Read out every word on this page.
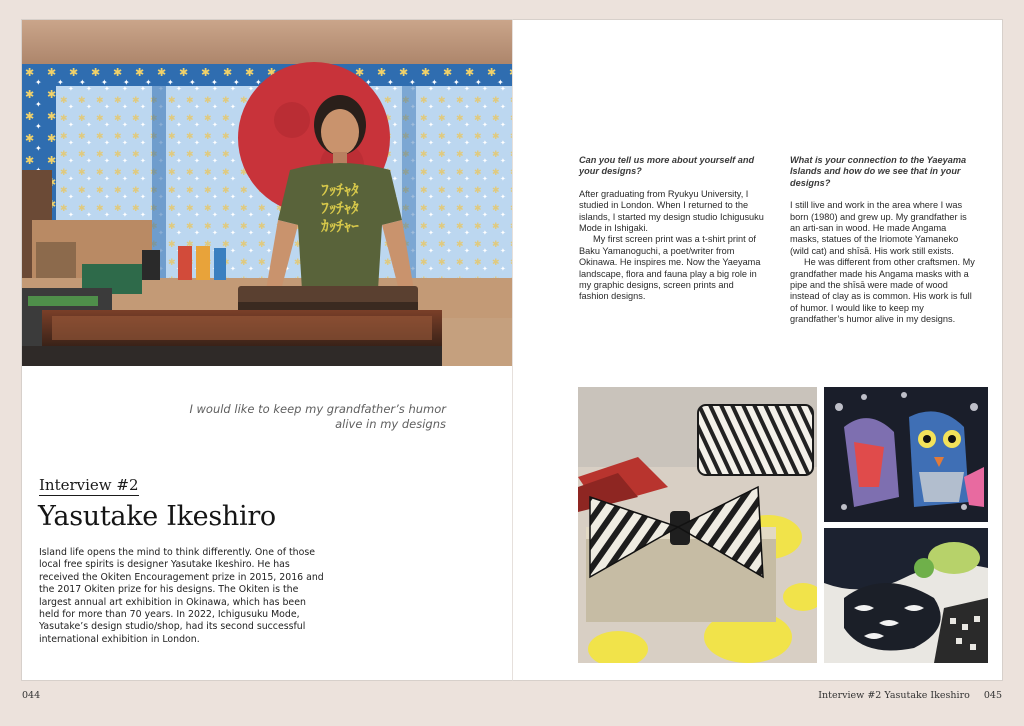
ﾌｯﾁｬﾀ
ﾌｯﾁｬﾀ
ｶｯﾁｬｰ
I would like to keep my grandfather’s humor alive in my designs
Interview #2
Yasutake Ikeshiro
Island life opens the mind to think differently. One of those local free spirits is designer Yasutake Ikeshiro. He has received the Okiten Encouragement prize in 2015, 2016 and the 2017 Okiten prize for his designs. The Okiten is the largest annual art exhibition in Okinawa, which has been held for more than 70 years. In 2022, Ichigusuku Mode, Yasutake’s design studio/shop, had its second successful international exhibition in London.
Can you tell us more about yourself and your designs?

After graduating from Ryukyu University, I studied in London. When I returned to the islands, I started my design studio Ichigusuku Mode in Ishigaki.

My first screen print was a t-shirt print of Baku Yamanoguchi, a poet/writer from Okinawa. He inspires me. Now the Yaeyama landscape, flora and fauna play a big role in my graphic designs, screen prints and fashion designs.

What is your connection to the Yaeyama Islands and how do we see that in your designs?

I still live and work in the area where I was born (1980) and grew up. My grandfather is an arti-san in wood. He made Angama masks, statues of the Iriomote Yamaneko (wild cat) and shīsā. His work still exists.

He was different from other craftsmen. My grandfather made his Angama masks with a pipe and the shīsā were made of wood instead of clay as is common. His work is full of humor. I would like to keep my grandfather’s humor alive in my designs.

044	Interview #2 Yasutake Ikeshiro 045
